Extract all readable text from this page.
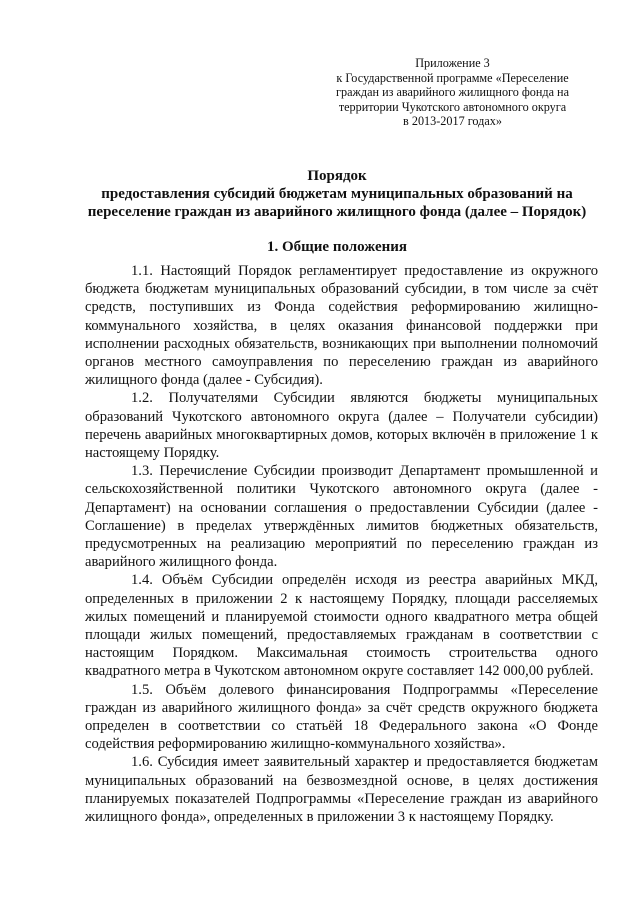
Приложение 3
к Государственной программе «Переселение
граждан из аварийного жилищного фонда на
территории Чукотского автономного округа
в 2013-2017 годах»
Порядок
предоставления субсидий бюджетам муниципальных образований на
переселение граждан из аварийного жилищного фонда (далее – Порядок)
1. Общие положения

1.1. Настоящий Порядок регламентирует предоставление из окружного бюджета бюджетам муниципальных образований субсидии, в том числе за счёт средств, поступивших из Фонда содействия реформированию жилищно-коммунального хозяйства, в целях оказания финансовой поддержки при исполнении расходных обязательств, возникающих при выполнении полномочий органов местного самоуправления по переселению граждан из аварийного жилищного фонда (далее - Субсидия).

1.2. Получателями Субсидии являются бюджеты муниципальных образований Чукотского автономного округа (далее – Получатели субсидии) перечень аварийных многоквартирных домов, которых включён в приложение 1 к настоящему Порядку.

1.3. Перечисление Субсидии производит Департамент промышленной и сельскохозяйственной политики Чукотского автономного округа (далее - Департамент) на основании соглашения о предоставлении Субсидии (далее - Соглашение) в пределах утверждённых лимитов бюджетных обязательств, предусмотренных на реализацию мероприятий по переселению граждан из аварийного жилищного фонда.

1.4. Объём Субсидии определён исходя из реестра аварийных МКД, определенных в приложении 2 к настоящему Порядку, площади расселяемых жилых помещений и планируемой стоимости одного квадратного метра общей площади жилых помещений, предоставляемых гражданам в соответствии с настоящим Порядком. Максимальная стоимость строительства одного квадратного метра в Чукотском автономном округе составляет 142 000,00 рублей.

1.5. Объём долевого финансирования Подпрограммы «Переселение граждан из аварийного жилищного фонда» за счёт средств окружного бюджета определен в соответствии со статьёй 18 Федерального закона «О Фонде содействия реформированию жилищно-коммунального хозяйства».

1.6. Субсидия имеет заявительный характер и предоставляется бюджетам муниципальных образований на безвозмездной основе, в целях достижения планируемых показателей Подпрограммы «Переселение граждан из аварийного жилищного фонда», определенных в приложении 3 к настоящему Порядку.
